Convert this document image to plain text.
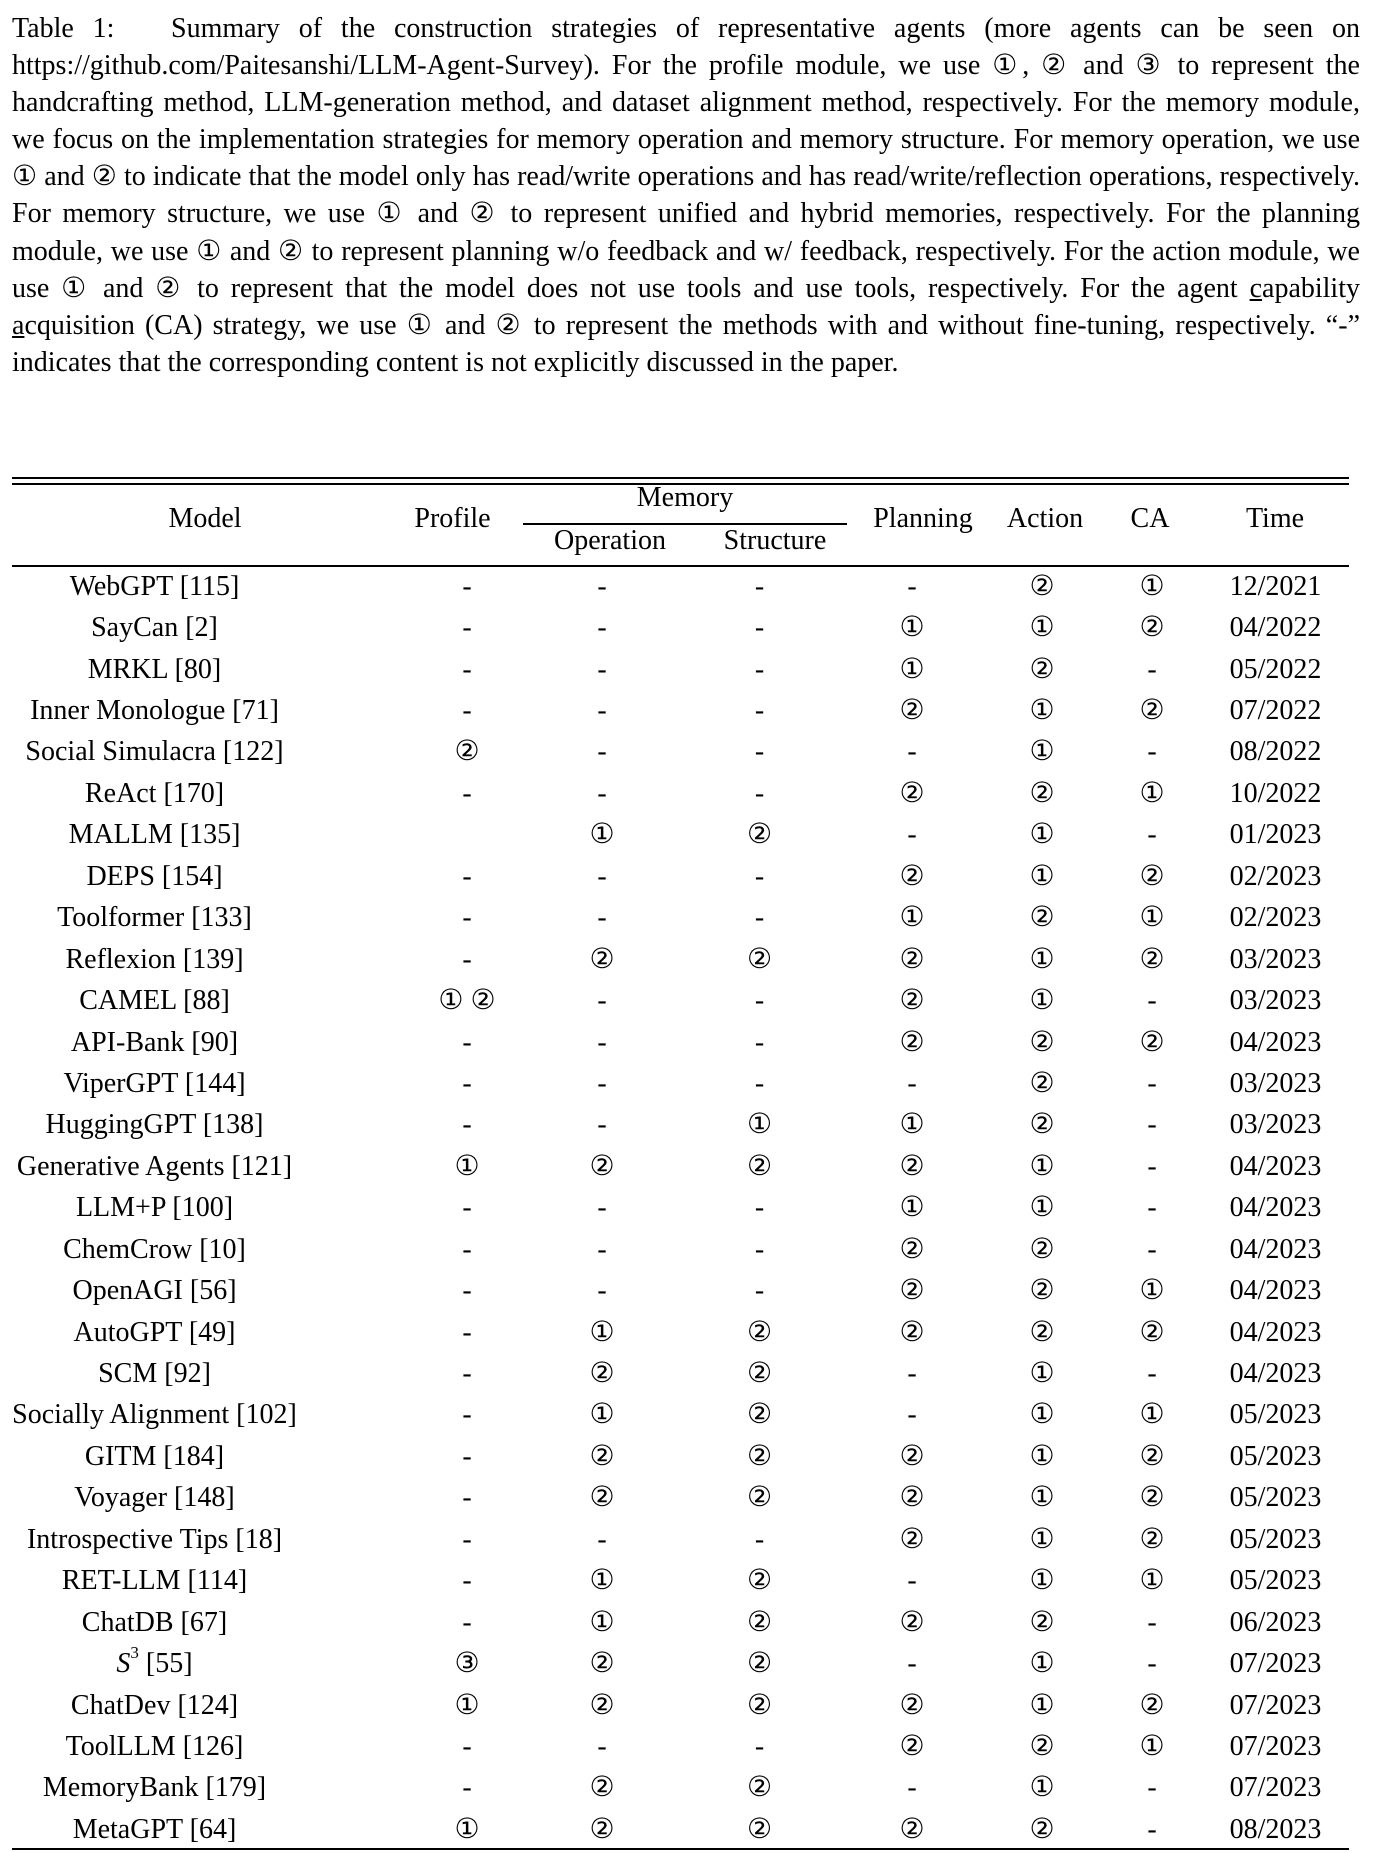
Table 1: Summary of the construction strategies of representative agents (more agents can be seen on https://github.com/Paitesanshi/LLM-Agent-Survey). For the profile module, we use ①, ② and ③ to represent the handcrafting method, LLM-generation method, and dataset alignment method, respectively. For the memory module, we focus on the implementation strategies for memory operation and memory structure. For memory operation, we use ① and ② to indicate that the model only has read/write operations and has read/write/reflection operations, respectively. For memory structure, we use ① and ② to represent unified and hybrid memories, respectively. For the planning module, we use ① and ② to represent planning w/o feedback and w/ feedback, respectively. For the action module, we use ① and ② to represent that the model does not use tools and use tools, respectively. For the agent capability acquisition (CA) strategy, we use ① and ② to represent the methods with and without fine-tuning, respectively. “-” indicates that the corresponding content is not explicitly discussed in the paper.
Model	Profile
Memory
Operation	Structure
Planning	Action	CA	Time
WebGPT [115]	-	-	-	-	②	①	12/2021
SayCan [2]	-	-	-	①	①	②	04/2022
MRKL [80]	-	-	-	①	②	-	05/2022
Inner Monologue [71]	-	-	-	②	①	②	07/2022
Social Simulacra [122]	②	-	-	-	①	-	08/2022
ReAct [170]	-	-	-	②	②	①	10/2022
MALLM [135]		①	②	-	①	-	01/2023
DEPS [154]	-	-	-	②	①	②	02/2023
Toolformer [133]	-	-	-	①	②	①	02/2023
Reflexion [139]	-	②	②	②	①	②	03/2023
CAMEL [88]	① ②	-	-	②	①	-	03/2023
API-Bank [90]	-	-	-	②	②	②	04/2023
ViperGPT [144]	-	-	-	-	②	-	03/2023
HuggingGPT [138]	-	-	①	①	②	-	03/2023
Generative Agents [121]	①	②	②	②	①	-	04/2023
LLM+P [100]	-	-	-	①	①	-	04/2023
ChemCrow [10]	-	-	-	②	②	-	04/2023
OpenAGI [56]	-	-	-	②	②	①	04/2023
AutoGPT [49]	-	①	②	②	②	②	04/2023
SCM [92]	-	②	②	-	①	-	04/2023
Socially Alignment [102]	-	①	②	-	①	①	05/2023
GITM [184]	-	②	②	②	①	②	05/2023
Voyager [148]	-	②	②	②	①	②	05/2023
Introspective Tips [18]	-	-	-	②	①	②	05/2023
RET-LLM [114]	-	①	②	-	①	①	05/2023
ChatDB [67]	-	①	②	②	②	-	06/2023
$S^3$ [55]	③	②	②	-	①	-	07/2023
ChatDev [124]	①	②	②	②	①	②	07/2023
ToolLLM [126]	-	-	-	②	②	①	07/2023
MemoryBank [179]	-	②	②	-	①	-	07/2023
MetaGPT [64]	①	②	②	②	②	-	08/2023
